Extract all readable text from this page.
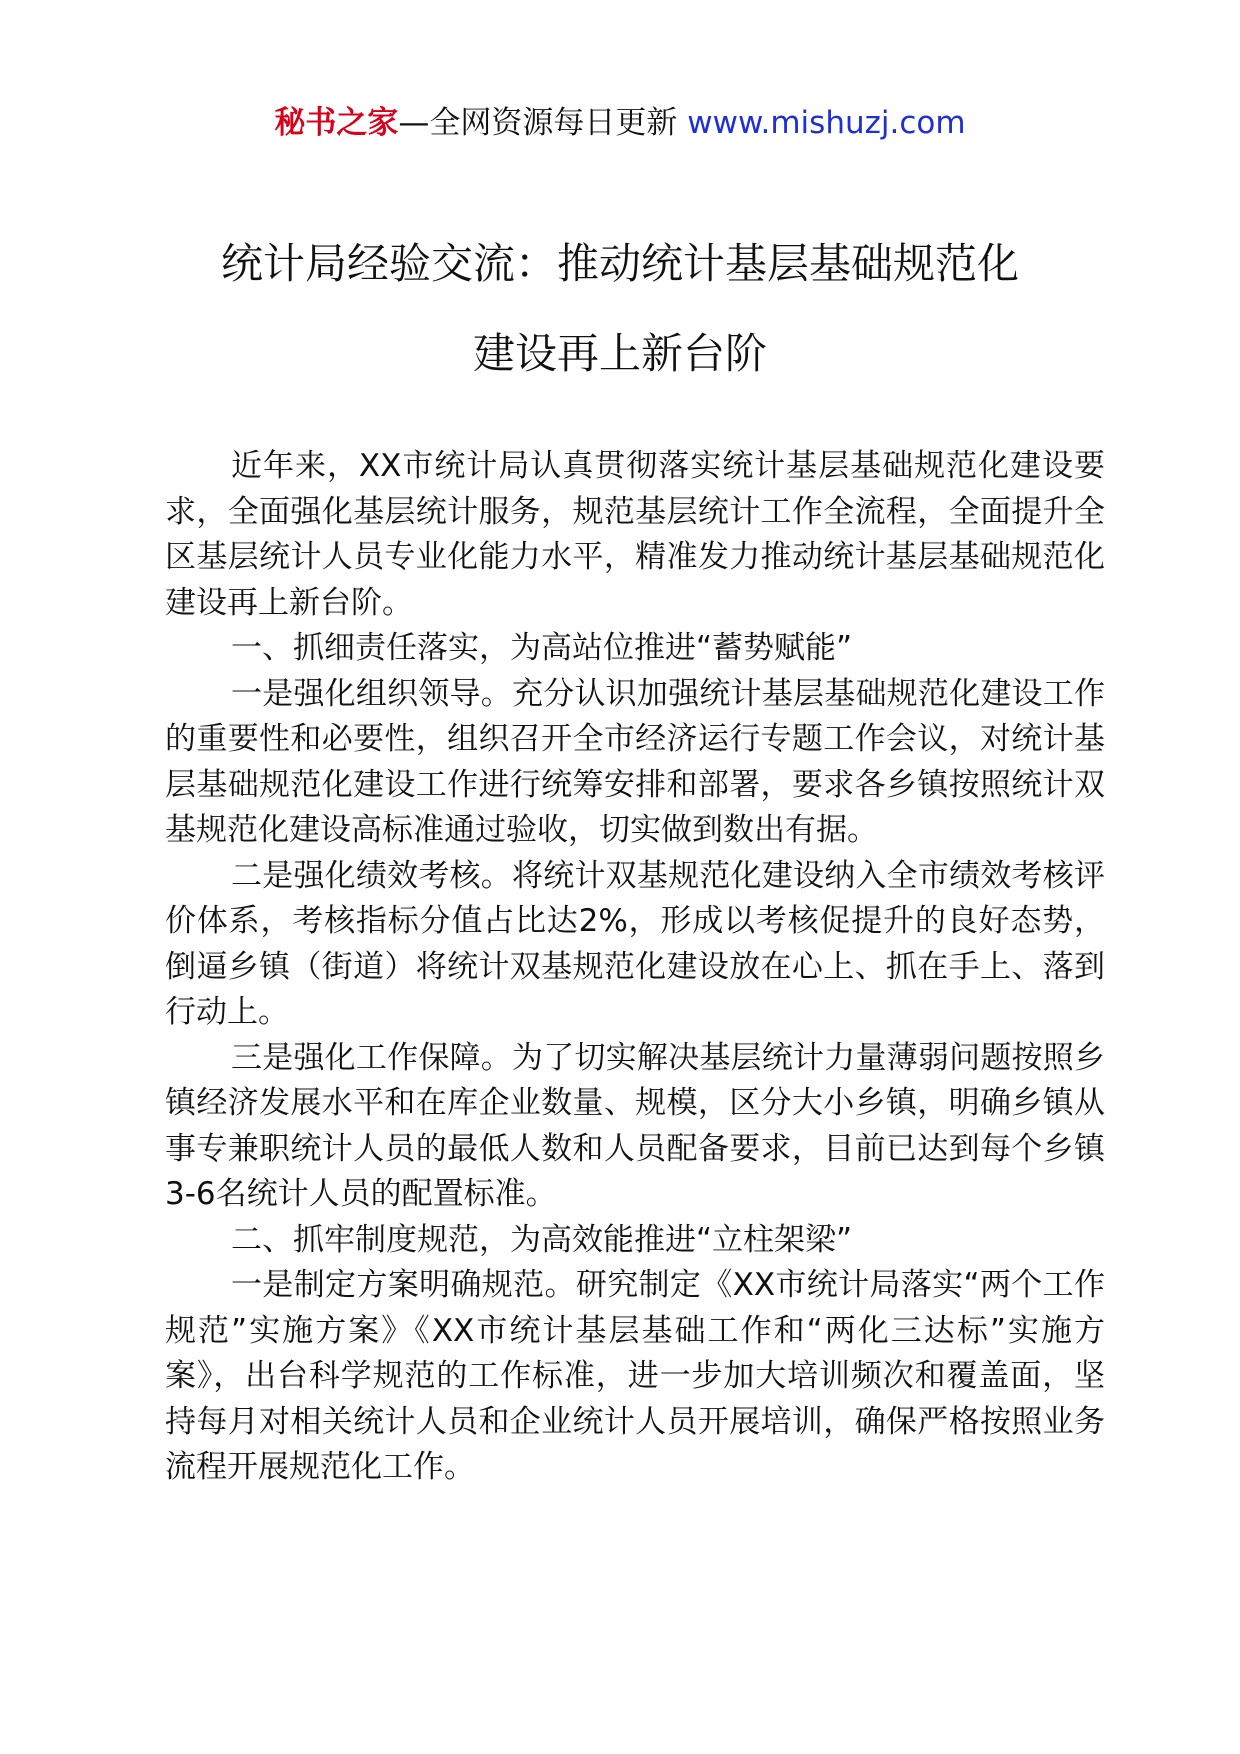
秘书之家—全网资源每日更新 www.mishuzj.com
统计局经验交流：推动统计基层基础规范化
建设再上新台阶

近年来，XX市统计局认真贯彻落实统计基层基础规范化建设要求，全面强化基层统计服务，规范基层统计工作全流程，全面提升全区基层统计人员专业化能力水平，精准发力推动统计基层基础规范化建设再上新台阶。

一、抓细责任落实，为高站位推进“蓄势赋能”

一是强化组织领导。充分认识加强统计基层基础规范化建设工作的重要性和必要性，组织召开全市经济运行专题工作会议，对统计基层基础规范化建设工作进行统筹安排和部署，要求各乡镇按照统计双基规范化建设高标准通过验收，切实做到数出有据。

二是强化绩效考核。将统计双基规范化建设纳入全市绩效考核评价体系，考核指标分值占比达2%，形成以考核促提升的良好态势，倒逼乡镇（街道）将统计双基规范化建设放在心上、抓在手上、落到行动上。

三是强化工作保障。为了切实解决基层统计力量薄弱问题按照乡镇经济发展水平和在库企业数量、规模，区分大小乡镇，明确乡镇从事专兼职统计人员的最低人数和人员配备要求，目前已达到每个乡镇3-6名统计人员的配置标准。

二、抓牢制度规范，为高效能推进“立柱架梁”

一是制定方案明确规范。研究制定《XX市统计局落实“两个工作规范”实施方案》《XX市统计基层基础工作和“两化三达标”实施方案》，出台科学规范的工作标准，进一步加大培训频次和覆盖面，坚持每月对相关统计人员和企业统计人员开展培训，确保严格按照业务流程开展规范化工作。
